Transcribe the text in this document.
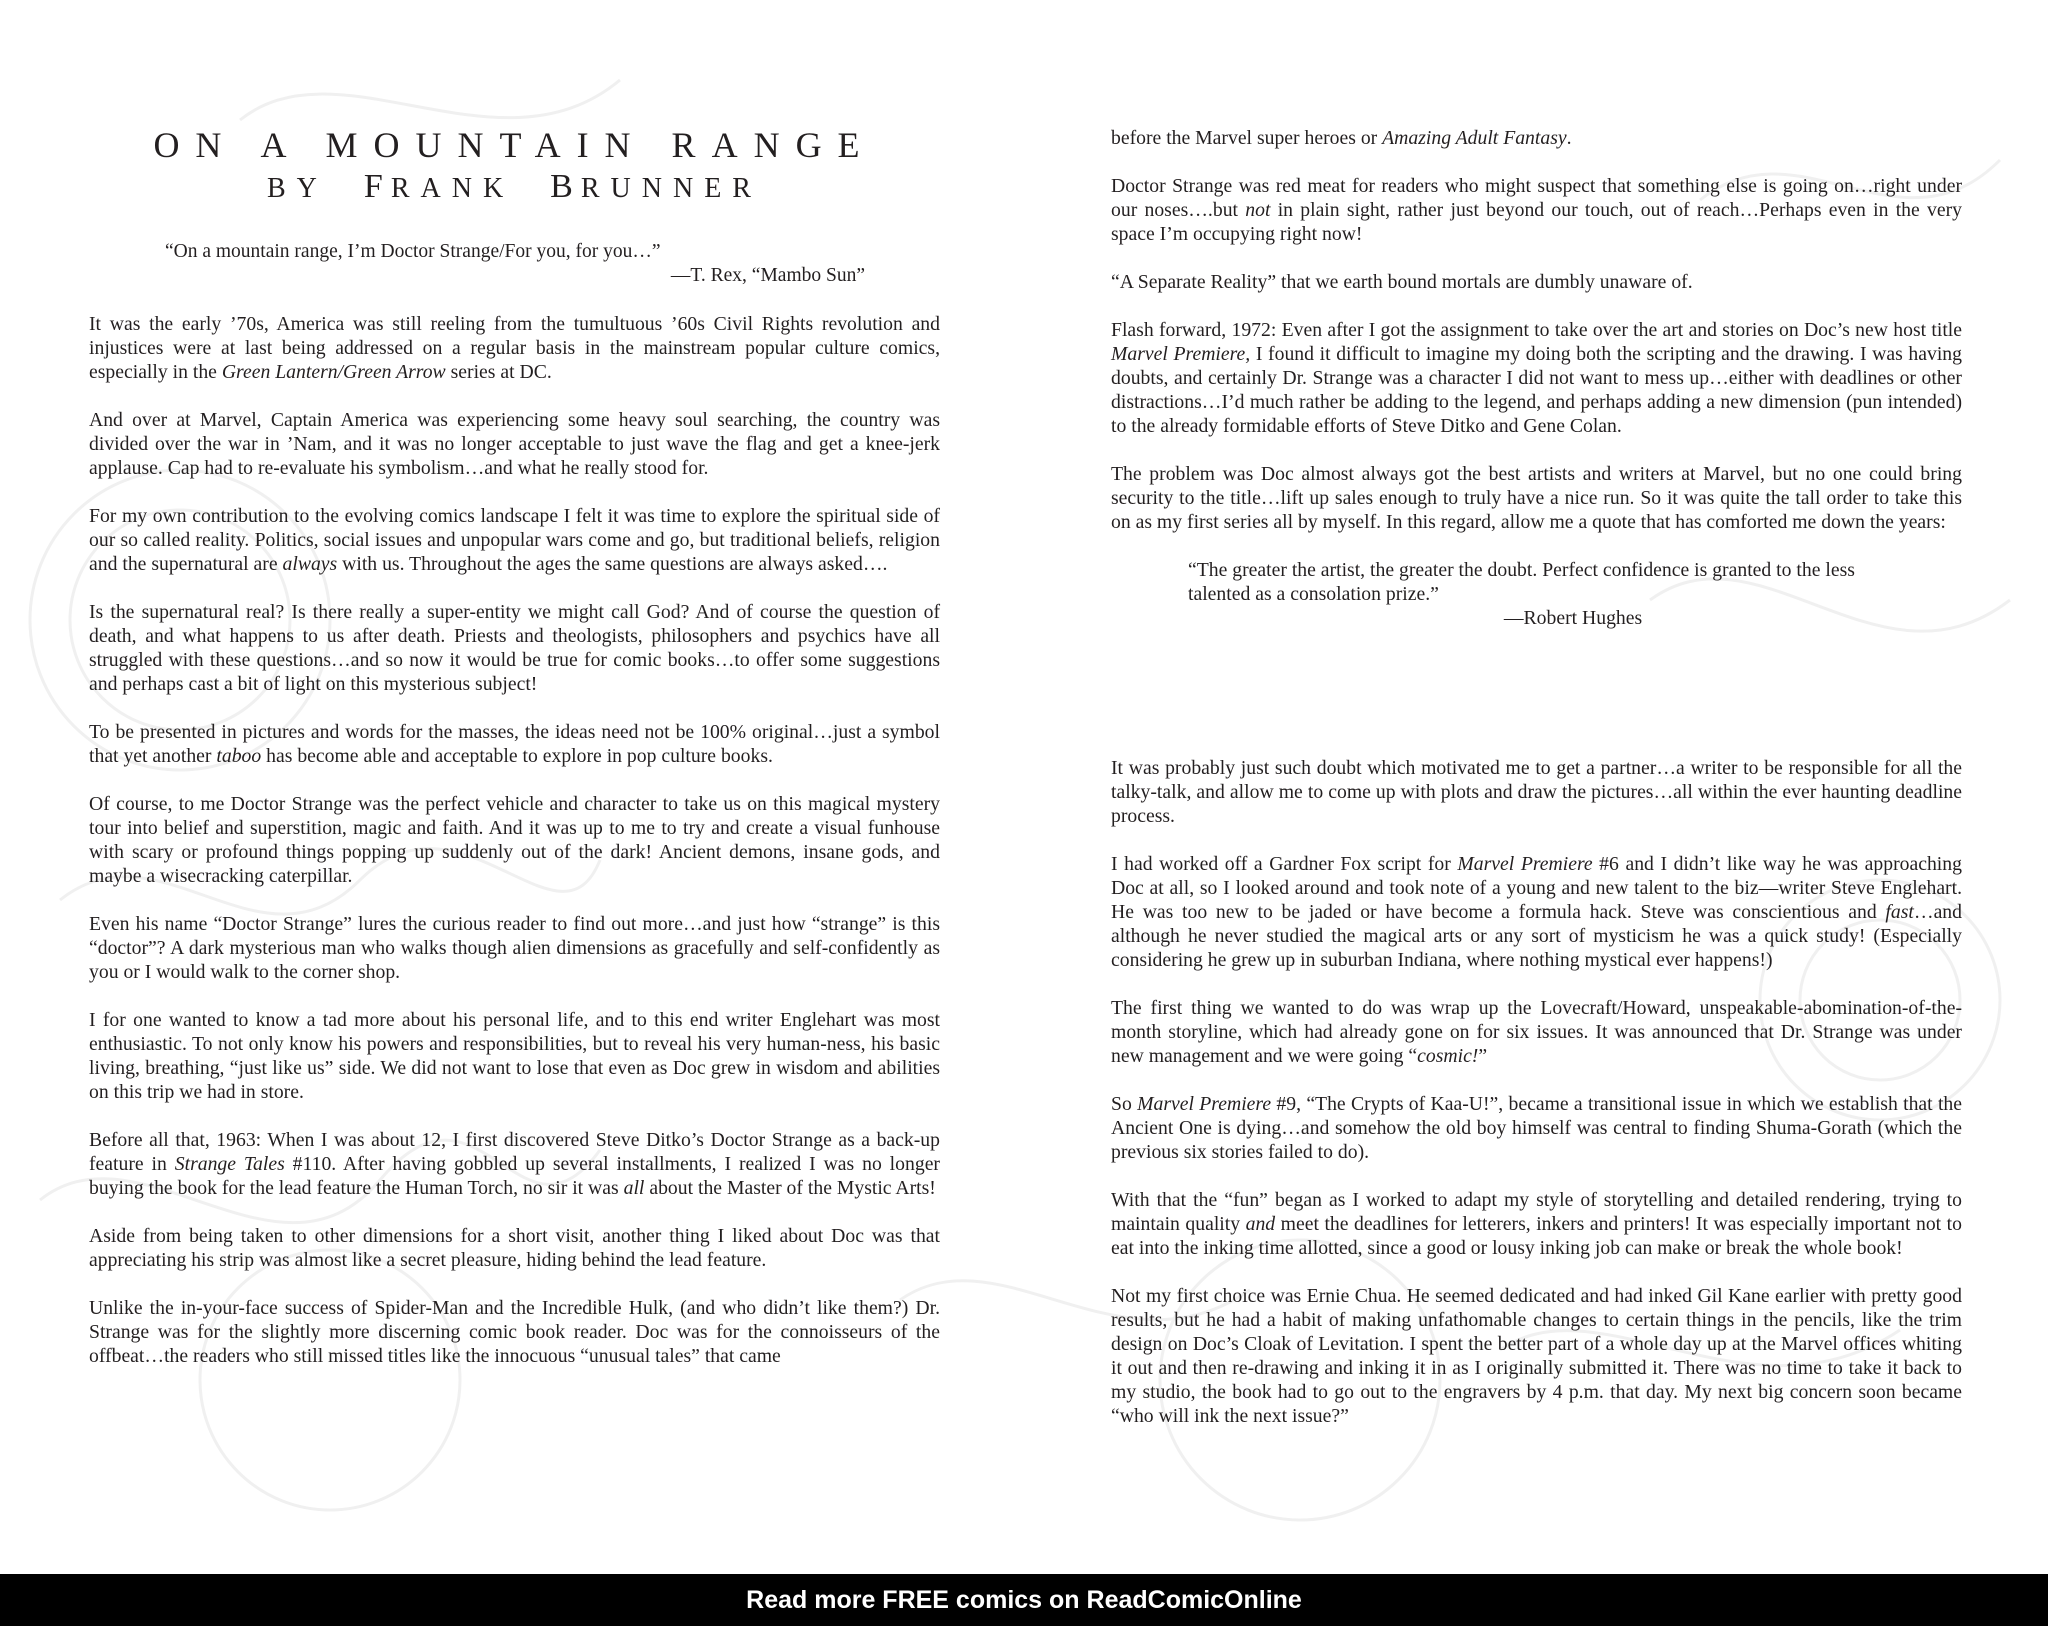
ON A MOUNTAIN RANGE
BY FRANK BRUNNER
“On a mountain range, I’m Doctor Strange/For you, for you…”
—T. Rex, “Mambo Sun”

It was the early ’70s, America was still reeling from the tumultuous ’60s Civil Rights revolution and injustices were at last being addressed on a regular basis in the mainstream popular culture comics, especially in the Green Lantern/Green Arrow series at DC.

And over at Marvel, Captain America was experiencing some heavy soul searching, the country was divided over the war in ’Nam, and it was no longer acceptable to just wave the flag and get a knee-jerk applause. Cap had to re-evaluate his symbolism…and what he really stood for.

For my own contribution to the evolving comics landscape I felt it was time to explore the spiritual side of our so called reality. Politics, social issues and unpopular wars come and go, but traditional beliefs, religion and the supernatural are always with us. Throughout the ages the same questions are always asked….

Is the supernatural real? Is there really a super-entity we might call God? And of course the question of death, and what happens to us after death. Priests and theologists, philosophers and psychics have all struggled with these questions…and so now it would be true for comic books…to offer some suggestions and perhaps cast a bit of light on this mysterious subject!

To be presented in pictures and words for the masses, the ideas need not be 100% original…just a symbol that yet another taboo has become able and acceptable to explore in pop culture books.

Of course, to me Doctor Strange was the perfect vehicle and character to take us on this magical mystery tour into belief and superstition, magic and faith. And it was up to me to try and create a visual funhouse with scary or profound things popping up suddenly out of the dark! Ancient demons, insane gods, and maybe a wisecracking caterpillar.

Even his name “Doctor Strange” lures the curious reader to find out more…and just how “strange” is this “doctor”? A dark mysterious man who walks though alien dimensions as gracefully and self-confidently as you or I would walk to the corner shop.

I for one wanted to know a tad more about his personal life, and to this end writer Englehart was most enthusiastic. To not only know his powers and responsibilities, but to reveal his very human-ness, his basic living, breathing, “just like us” side. We did not want to lose that even as Doc grew in wisdom and abilities on this trip we had in store.

Before all that, 1963: When I was about 12, I first discovered Steve Ditko’s Doctor Strange as a back-up feature in Strange Tales #110. After having gobbled up several installments, I realized I was no longer buying the book for the lead feature the Human Torch, no sir it was all about the Master of the Mystic Arts!

Aside from being taken to other dimensions for a short visit, another thing I liked about Doc was that appreciating his strip was almost like a secret pleasure, hiding behind the lead feature.

Unlike the in-your-face success of Spider-Man and the Incredible Hulk, (and who didn’t like them?) Dr. Strange was for the slightly more discerning comic book reader. Doc was for the connoisseurs of the offbeat…the readers who still missed titles like the innocuous “unusual tales” that came

before the Marvel super heroes or Amazing Adult Fantasy.

Doctor Strange was red meat for readers who might suspect that something else is going on…right under our noses….but not in plain sight, rather just beyond our touch, out of reach…Perhaps even in the very space I’m occupying right now!

“A Separate Reality” that we earth bound mortals are dumbly unaware of.

Flash forward, 1972: Even after I got the assignment to take over the art and stories on Doc’s new host title Marvel Premiere, I found it difficult to imagine my doing both the scripting and the drawing. I was having doubts, and certainly Dr. Strange was a character I did not want to mess up…either with deadlines or other distractions…I’d much rather be adding to the legend, and perhaps adding a new dimension (pun intended) to the already formidable efforts of Steve Ditko and Gene Colan.

The problem was Doc almost always got the best artists and writers at Marvel, but no one could bring security to the title…lift up sales enough to truly have a nice run. So it was quite the tall order to take this on as my first series all by myself. In this regard, allow me a quote that has comforted me down the years:

“The greater the artist, the greater the doubt. Perfect confidence is granted to the less talented as a consolation prize.”
—Robert Hughes

It was probably just such doubt which motivated me to get a partner…a writer to be responsible for all the talky-talk, and allow me to come up with plots and draw the pictures…all within the ever haunting deadline process.

I had worked off a Gardner Fox script for Marvel Premiere #6 and I didn’t like way he was approaching Doc at all, so I looked around and took note of a young and new talent to the biz—writer Steve Englehart. He was too new to be jaded or have become a formula hack. Steve was conscientious and fast…and although he never studied the magical arts or any sort of mysticism he was a quick study! (Especially considering he grew up in suburban Indiana, where nothing mystical ever happens!)

The first thing we wanted to do was wrap up the Lovecraft/Howard, unspeakable-abomination-of-the-month storyline, which had already gone on for six issues. It was announced that Dr. Strange was under new management and we were going “cosmic!”

So Marvel Premiere #9, “The Crypts of Kaa-U!”, became a transitional issue in which we establish that the Ancient One is dying…and somehow the old boy himself was central to finding Shuma-Gorath (which the previous six stories failed to do).

With that the “fun” began as I worked to adapt my style of storytelling and detailed rendering, trying to maintain quality and meet the deadlines for letterers, inkers and printers! It was especially important not to eat into the inking time allotted, since a good or lousy inking job can make or break the whole book!

Not my first choice was Ernie Chua. He seemed dedicated and had inked Gil Kane earlier with pretty good results, but he had a habit of making unfathomable changes to certain things in the pencils, like the trim design on Doc’s Cloak of Levitation. I spent the better part of a whole day up at the Marvel offices whiting it out and then re-drawing and inking it in as I originally submitted it. There was no time to take it back to my studio, the book had to go out to the engravers by 4 p.m. that day. My next big concern soon became “who will ink the next issue?”

Read more FREE comics on ReadComicOnline
